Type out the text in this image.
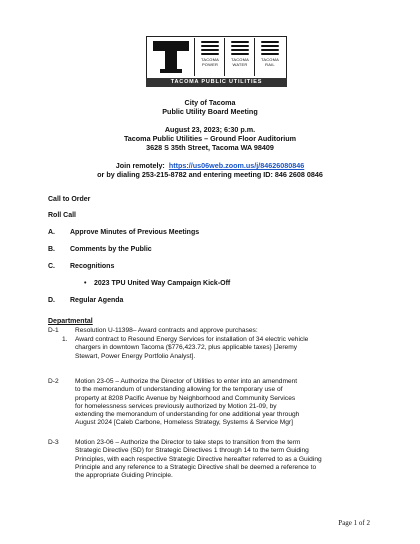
TACOMA
POWER
TACOMA
WATER
TACOMA
RAIL
TACOMA PUBLIC UTILITIES
City of Tacoma
Public Utility Board Meeting
August 23, 2023; 6:30 p.m.
Tacoma Public Utilities – Ground Floor Auditorium
3628 S 35th Street, Tacoma WA 98409
Join remotely: https://us06web.zoom.us/j/84626080846
or by dialing 253-215-8782 and entering meeting ID: 846 2608 0846
Call to Order
Roll Call
A. Approve Minutes of Previous Meetings
B. Comments by the Public
C. Recognitions
• 2023 TPU United Way Campaign Kick-Off
D. Regular Agenda
Departmental
D-1 Resolution U-11398– Award contracts and approve purchases:
1. Award contract to Resound Energy Services for installation of 34 electric vehicle
chargers in downtown Tacoma ($776,423.72, plus applicable taxes) [Jeremy
Stewart, Power Energy Portfolio Analyst].
D-2 Motion 23-05 – Authorize the Director of Utilities to enter into an amendment
to the memorandum of understanding allowing for the temporary use of
property at 8208 Pacific Avenue by Neighborhood and Community Services
for homelessness services previously authorized by Motion 21-09, by
extending the memorandum of understanding for one additional year through
August 2024 [Caleb Carbone, Homeless Strategy, Systems & Service Mgr]
D-3 Motion 23-06 – Authorize the Director to take steps to transition from the term
Strategic Directive (SD) for Strategic Directives 1 through 14 to the term Guiding
Principles, with each respective Strategic Directive hereafter referred to as a Guiding
Principle and any reference to a Strategic Directive shall be deemed a reference to
the appropriate Guiding Principle.
Page 1 of 2
